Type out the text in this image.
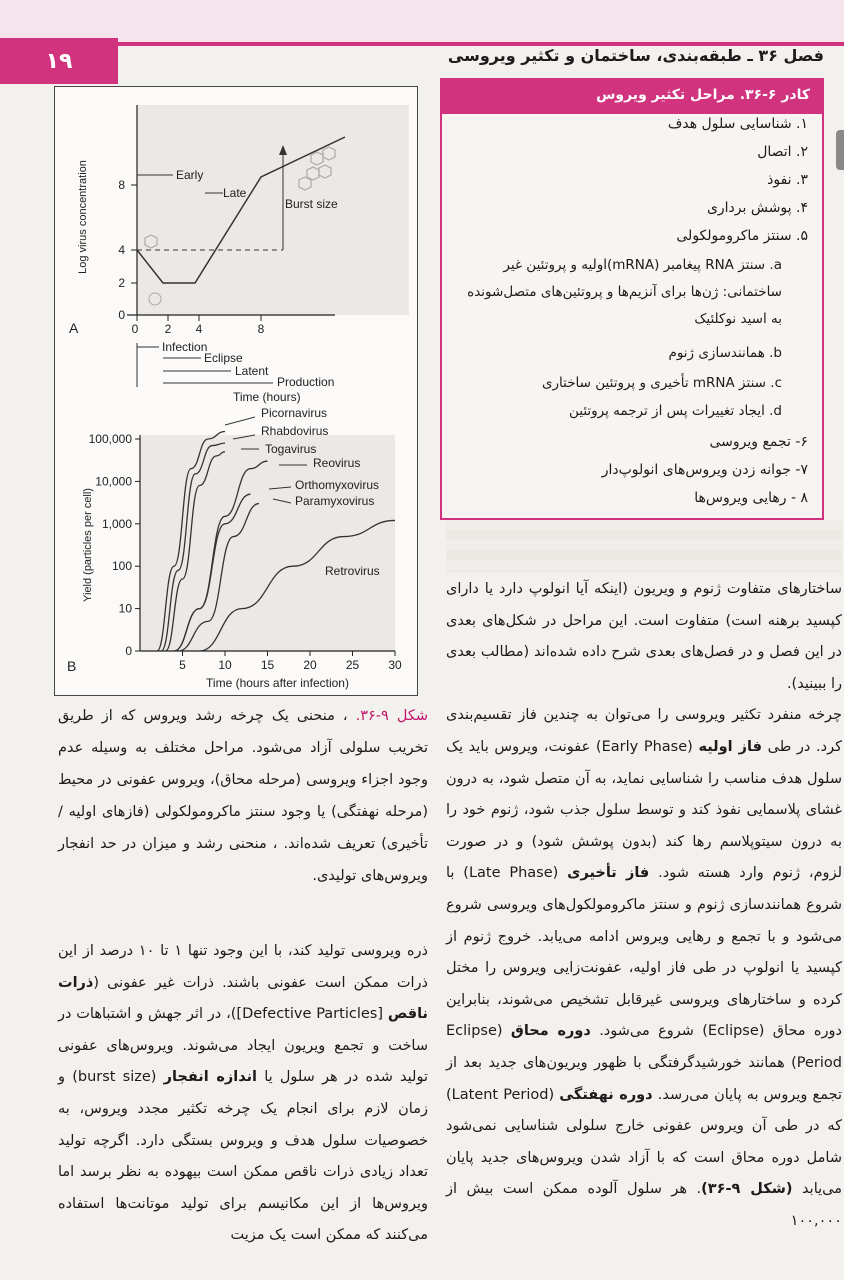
۱۹	فصل ۳۶ ـ طبقه‌بندی، ساختمان و تکثیر ویروسی
0
2
4
8
0 2 4	8
Log virus concentration
A
Early
Late
Burst size
Infection
Eclipse
Latent
Production
Time (hours)
0
10
100
1,000
10,000
100,000
5	10 15 20 25 30
Time (hours after infection)
Yield (particles per cell)
Picornavirus
Rhabdovirus
Togavirus
Reovirus
Orthomyxovirus
Paramyxovirus
Retrovirus
B
شکل ۹-۳۶. ، منحنی یک چرخه رشد ویروس که از طریق تخریب سلولی آزاد می‌شود. مراحل مختلف به وسیله عدم وجود اجزاء ویروسی (مرحله محاق)، ویروس عفونی در محیط (مرحله نهفتگی) یا وجود سنتز ماکرومولکولی (فازهای اولیه / تأخیری) تعریف شده‌اند. ، منحنی رشد و میزان در حد انفجار ویروس‌های تولیدی.
کادر ۶-۳۶. مراحل تکثیر ویروس
۱. شناسایی سلول هدف
۲. اتصال
۳. نفوذ
۴. پوشش برداری
۵. سنتز ماکرومولکولی
a. سنتز RNA پیغامبر (mRNA)اولیه و پروتئین غیر ساختمانی: ژن‌ها برای آنزیم‌ها و پروتئین‌های متصل‌شونده به اسید نوکلئیک
b. همانندسازی ژنوم
c. سنتز mRNA تأخیری و پروتئین ساختاری
d. ایجاد تغییرات پس از ترجمه پروتئین
۶- تجمع ویروسی
۷- جوانه زدن ویروس‌های انولوپ‌دار
۸ - رهایی ویروس‌ها
ساختارهای متفاوت ژنوم و ویریون (اینکه آیا انولوپ دارد یا دارای کپسید برهنه است) متفاوت است. این مراحل در شکل‌های بعدی در این فصل و در فصل‌های بعدی شرح داده شده‌اند (مطالب بعدی را ببینید).
چرخه منفرد تکثیر ویروسی را می‌توان به چندین فاز تقسیم‌بندی کرد. در طی فاز اولیه (Early Phase) عفونت، ویروس باید یک سلول هدف مناسب را شناسایی نماید، به آن متصل شود، به درون غشای پلاسمایی نفوذ کند و توسط سلول جذب شود، ژنوم خود را به درون سیتوپلاسم رها کند (بدون پوشش شود) و در صورت لزوم، ژنوم وارد هسته شود. فاز تأخیری (Late Phase) با شروع همانندسازی ژنوم و سنتز ماکرومولکول‌های ویروسی شروع می‌شود و با تجمع و رهایی ویروس ادامه می‌یابد. خروج ژنوم از کپسید یا انولوپ در طی فاز اولیه، عفونت‌زایی ویروس را مختل کرده و ساختارهای ویروسی غیرقابل تشخیص می‌شوند، بنابراین دوره محاق (Eclipse) شروع می‌شود. دوره محاق (Eclipse Period) همانند خورشیدگرفتگی با ظهور ویریون‌های جدید بعد از تجمع ویروس به پایان می‌رسد. دوره نهفتگی (Latent Period) که در طی آن ویروس عفونی خارج سلولی شناسایی نمی‌شود شامل دوره محاق است که با آزاد شدن ویروس‌های جدید پایان می‌یابد (شکل ۹-۳۶). هر سلول آلوده ممکن است بیش از ۱۰۰,۰۰۰
ذره ویروسی تولید کند، با این وجود تنها ۱ تا ۱۰ درصد از این ذرات ممکن است عفونی باشند. ذرات غیر عفونی (ذرات ناقص [Defective Particles])، در اثر جهش و اشتباهات در ساخت و تجمع ویریون ایجاد می‌شوند. ویروس‌های عفونی تولید شده در هر سلول یا اندازه انفجار (burst size) و زمان لازم برای انجام یک چرخه تکثیر مجدد ویروس، به خصوصیات سلول هدف و ویروس بستگی دارد. اگرچه تولید تعداد زیادی ذرات ناقص ممکن است بیهوده به نظر برسد اما ویروس‌ها از این مکانیسم برای تولید موتانت‌ها استفاده می‌کنند که ممکن است یک مزیت
